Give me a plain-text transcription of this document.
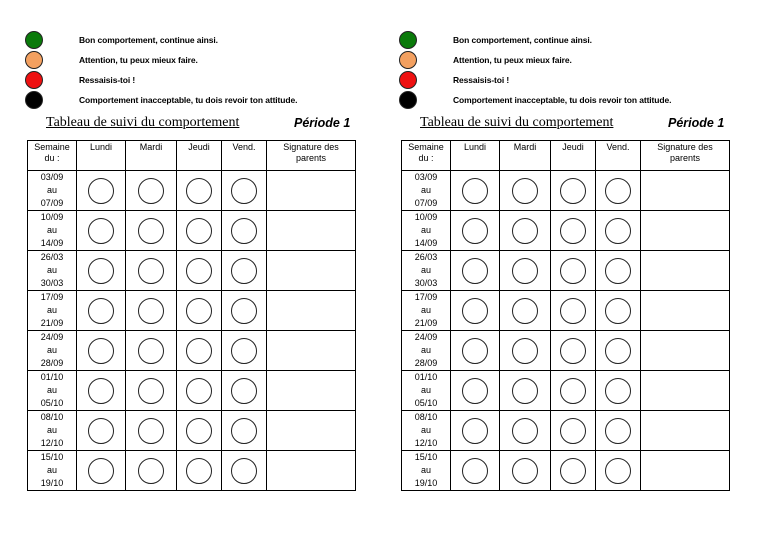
Bon comportement, continue ainsi.
Attention, tu peux mieux faire.
Ressaisis-toi !
Comportement inacceptable, tu dois revoir ton attitude.
Tableau de suivi du comportement	Période 1
Semaine du :	Lundi	Mardi	Jeudi	Vend.	Signature des parents

03/09
au
07/09					

10/09
au
14/09					

26/03
au
30/03					

17/09
au
21/09					

24/09
au
28/09					

01/10
au
05/10					

08/10
au
12/10					

15/10
au
19/10					

Bon comportement, continue ainsi.
Attention, tu peux mieux faire.
Ressaisis-toi !
Comportement inacceptable, tu dois revoir ton attitude.
Tableau de suivi du comportement	Période 1
Semaine du :	Lundi	Mardi	Jeudi	Vend.	Signature des parents

03/09
au
07/09					

10/09
au
14/09					

26/03
au
30/03					

17/09
au
21/09					

24/09
au
28/09					

01/10
au
05/10					

08/10
au
12/10					

15/10
au
19/10					
